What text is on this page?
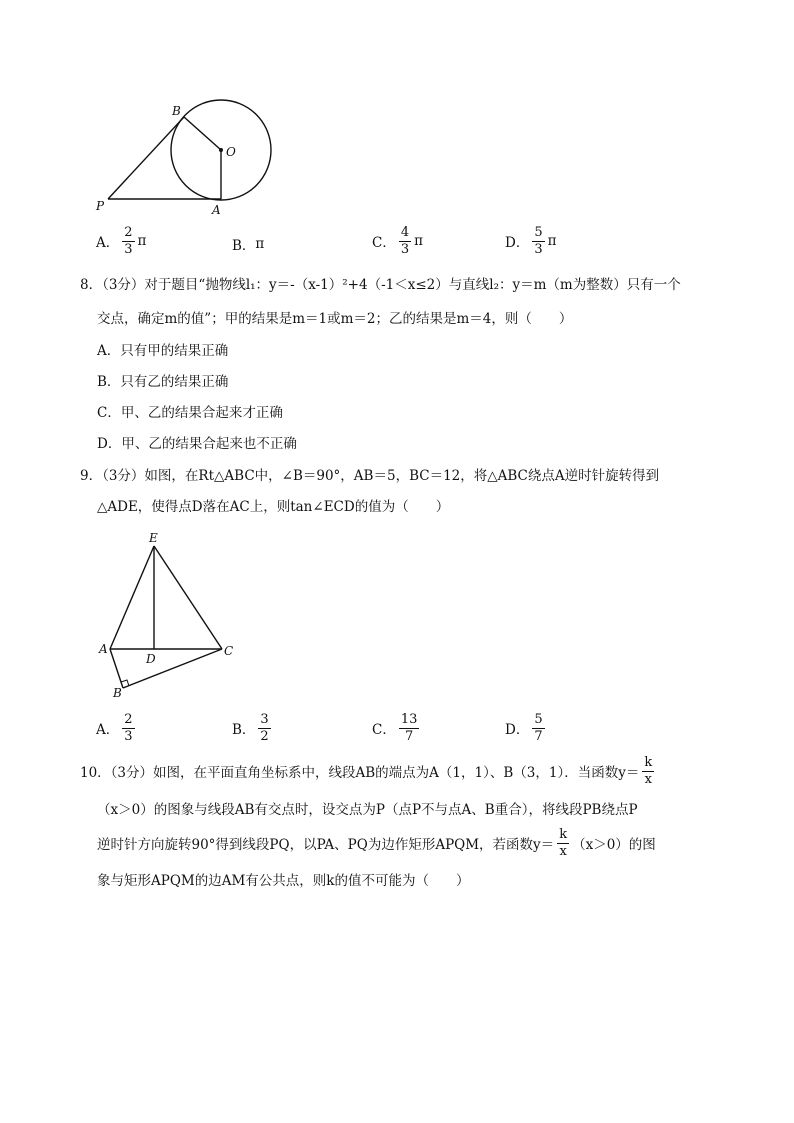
B
O
P	A
A． $\frac{2}{3}$ π	B． π	C． $\frac{4}{3}$ π	D． $\frac{5}{3}$ π
8．（3分）对于题目“抛物线l₁：y＝-（x-1）²+4（-1＜x≤2）与直线l₂：y＝m（m为整数）只有一个
交点，确定m的值”；甲的结果是m＝1或m＝2；乙的结果是m＝4，则（　　）
A．只有甲的结果正确
B．只有乙的结果正确
C．甲、乙的结果合起来才正确
D．甲、乙的结果合起来也不正确
9．（3分）如图，在Rt△ABC中，∠B＝90°，AB＝5，BC＝12，将△ABC绕点A逆时针旋转得到
△ADE，使得点D落在AC上，则tan∠ECD的值为（　　）
E
A
D
C
B
A． $\frac{2}{3}$	B． $\frac{3}{2}$	C． $\frac{13}{7}$	D． $\frac{5}{7}$
10．（3分）如图，在平面直角坐标系中，线段AB的端点为A（1，1）、B（3，1）．当函数$y= \frac{k}{x}$
（x＞0）的图象与线段AB有交点时，设交点为P（点P不与点A、B重合），将线段PB绕点P
逆时针方向旋转90°得到线段PQ，以PA、PQ为边作矩形APQM，若函数$y= \frac{k}{x} (x>0)$的图
象与矩形APQM的边AM有公共点，则k的值不可能为（　　）
